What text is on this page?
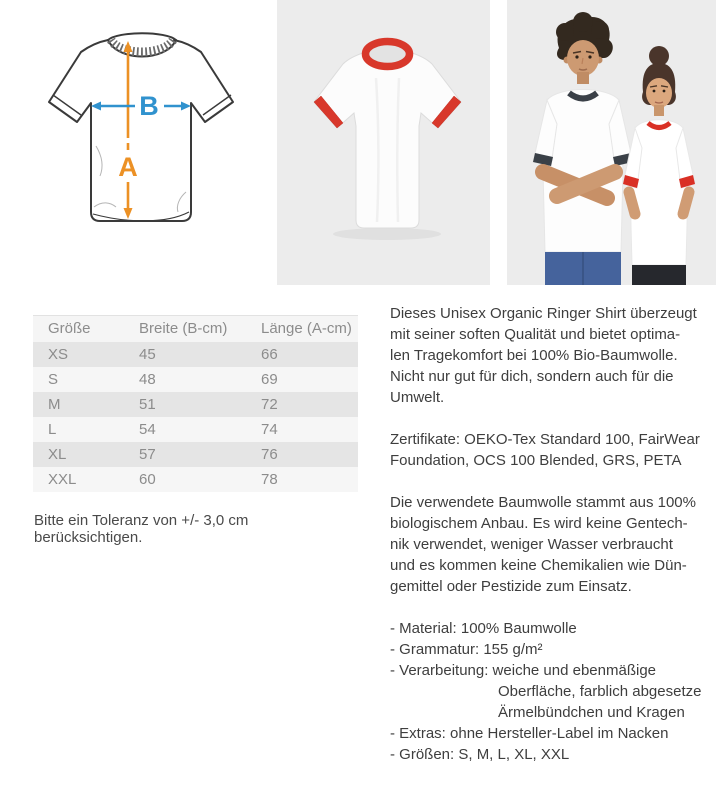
A
B
Größe	Breite (B-cm)	Länge (A-cm)
XS	45	66
S	48	69
M	51	72
L	54	74
XL	57	76
XXL	60	78

Bitte ein Toleranz von +/- 3,0 cm berücksichtigen.

Dieses Unisex Organic Ringer Shirt überzeugt
mit seiner soften Qualität und bietet optima-
len Tragekomfort bei 100% Bio-Baumwolle.
Nicht nur gut für dich, sondern auch für die
Umwelt.

Zertifikate: OEKO-Tex Standard 100, FairWear
Foundation, OCS 100 Blended, GRS, PETA

Die verwendete Baumwolle stammt aus 100%
biologischem Anbau. Es wird keine Gentech-
nik verwendet, weniger Wasser verbraucht
und es kommen keine Chemikalien wie Dün-
gemittel oder Pestizide zum Einsatz.

- Material: 100% Baumwolle
- Grammatur: 155 g/m²
- Verarbeitung: weiche und ebenmäßige
Oberfläche, farblich abgesetze
Ärmelbündchen und Kragen
- Extras: ohne Hersteller-Label im Nacken
- Größen: S, M, L, XL, XXL
